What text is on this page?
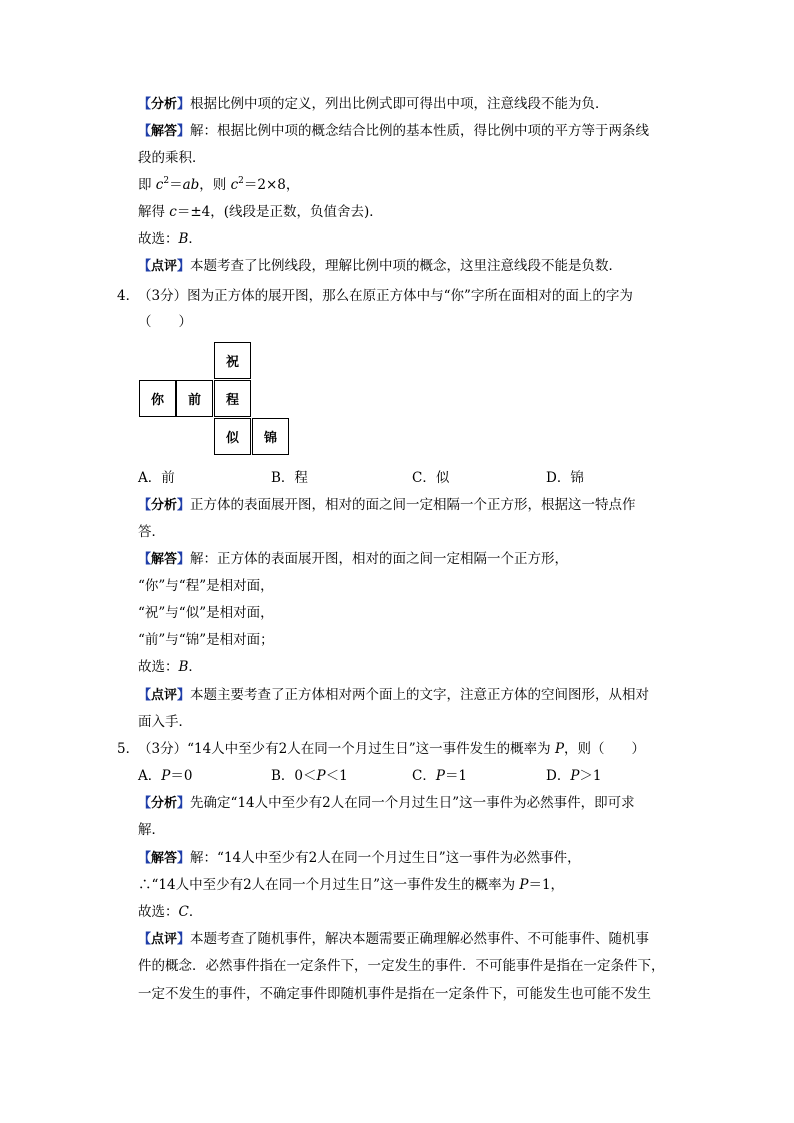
【分析】根据比例中项的定义，列出比例式即可得出中项，注意线段不能为负．
【解答】解：根据比例中项的概念结合比例的基本性质，得比例中项的平方等于两条线
段的乘积．
即 $c^2=ab$，则 $c^2=2\times 8$，
解得 c＝±4，(线段是正数，负值舍去)．
故选：B．
【点评】本题考查了比例线段，理解比例中项的概念，这里注意线段不能是负数．
4．
（3分）图为正方体的展开图，那么在原正方体中与“你”字所在面相对的面上的字为
（　　）
祝
你	前	程
似	锦
A．前	B．程	C．似	D．锦
【分析】正方体的表面展开图，相对的面之间一定相隔一个正方形，根据这一特点作
答．
【解答】解：正方体的表面展开图，相对的面之间一定相隔一个正方形，
“你”与“程”是相对面，
“祝”与“似”是相对面，
“前”与“锦”是相对面；
故选：B．
【点评】本题主要考查了正方体相对两个面上的文字，注意正方体的空间图形，从相对
面入手．
5．
（3分）“14人中至少有2人在同一个月过生日”这一事件发生的概率为 P，则（　　）
A．P＝0	B．0＜P＜1	C．P＝1	D．P＞1
【分析】先确定“14人中至少有2人在同一个月过生日”这一事件为必然事件，即可求
解．
【解答】解：“14人中至少有2人在同一个月过生日”这一事件为必然事件，
∴“14人中至少有2人在同一个月过生日”这一事件发生的概率为 P＝1，
故选：C．
【点评】本题考查了随机事件，解决本题需要正确理解必然事件、不可能事件、随机事
件的概念．必然事件指在一定条件下，一定发生的事件．不可能事件是指在一定条件下，
一定不发生的事件，不确定事件即随机事件是指在一定条件下，可能发生也可能不发生
